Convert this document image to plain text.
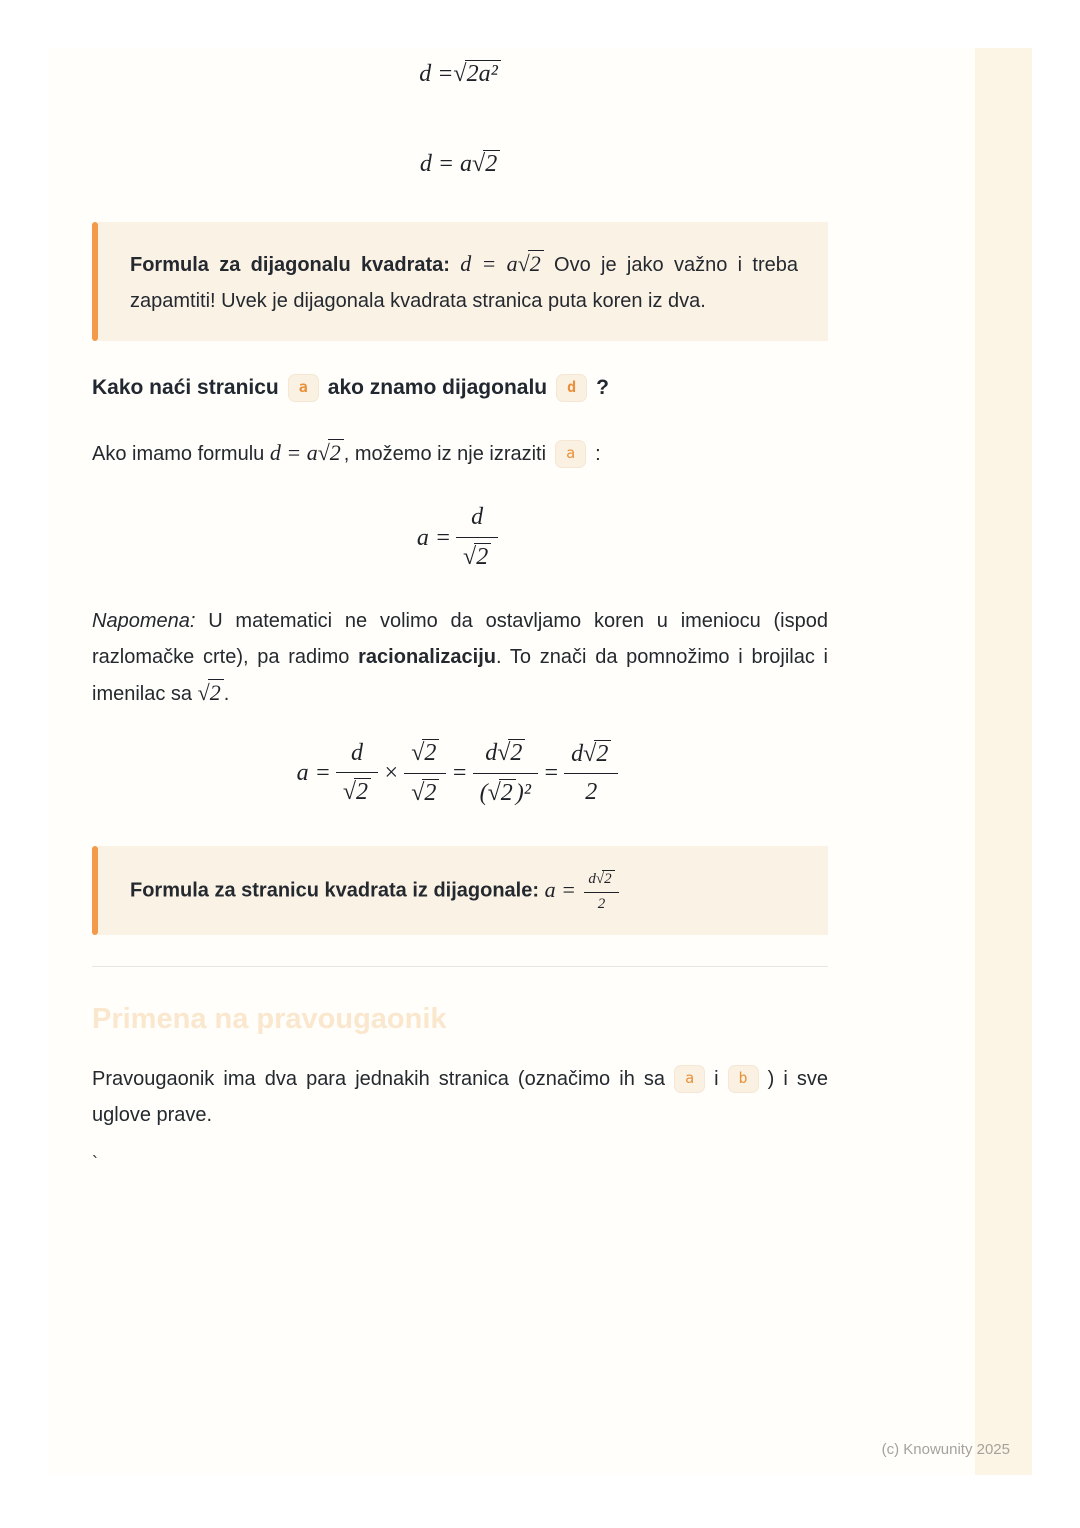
d = √2a²
d = a √2

Formula za dijagonalu kvadrata: d = a√2 Ovo je jako važno i treba zapamtiti! Uvek je dijagonala kvadrata stranica puta koren iz dva.

Kako naći stranicu a ako znamo dijagonalu d ?
Ako imamo formulu d = a√2 , možemo iz nje izraziti a :
$a = \frac{d}{√2}$
Napomena: U matematici ne volimo da ostavljamo koren u imeniocu (ispod razlomačke crte), pa radimo racionalizaciju. To znači da pomnožimo i brojilac i imenilac sa √2 .
$a = \frac{d}{√2} \times \frac{√2}{√2} = \frac{d√2}{\text{(√2 )²}} = \frac{d√2}{2}$

Formula za stranicu kvadrata iz dijagonale: $a = \frac{d√2}{2}$

Primena na pravougaonik
Pravougaonik ima dva para jednakih stranica (označimo ih sa a i b ) i sve uglove prave.
`
(c) Knowunity 2025
